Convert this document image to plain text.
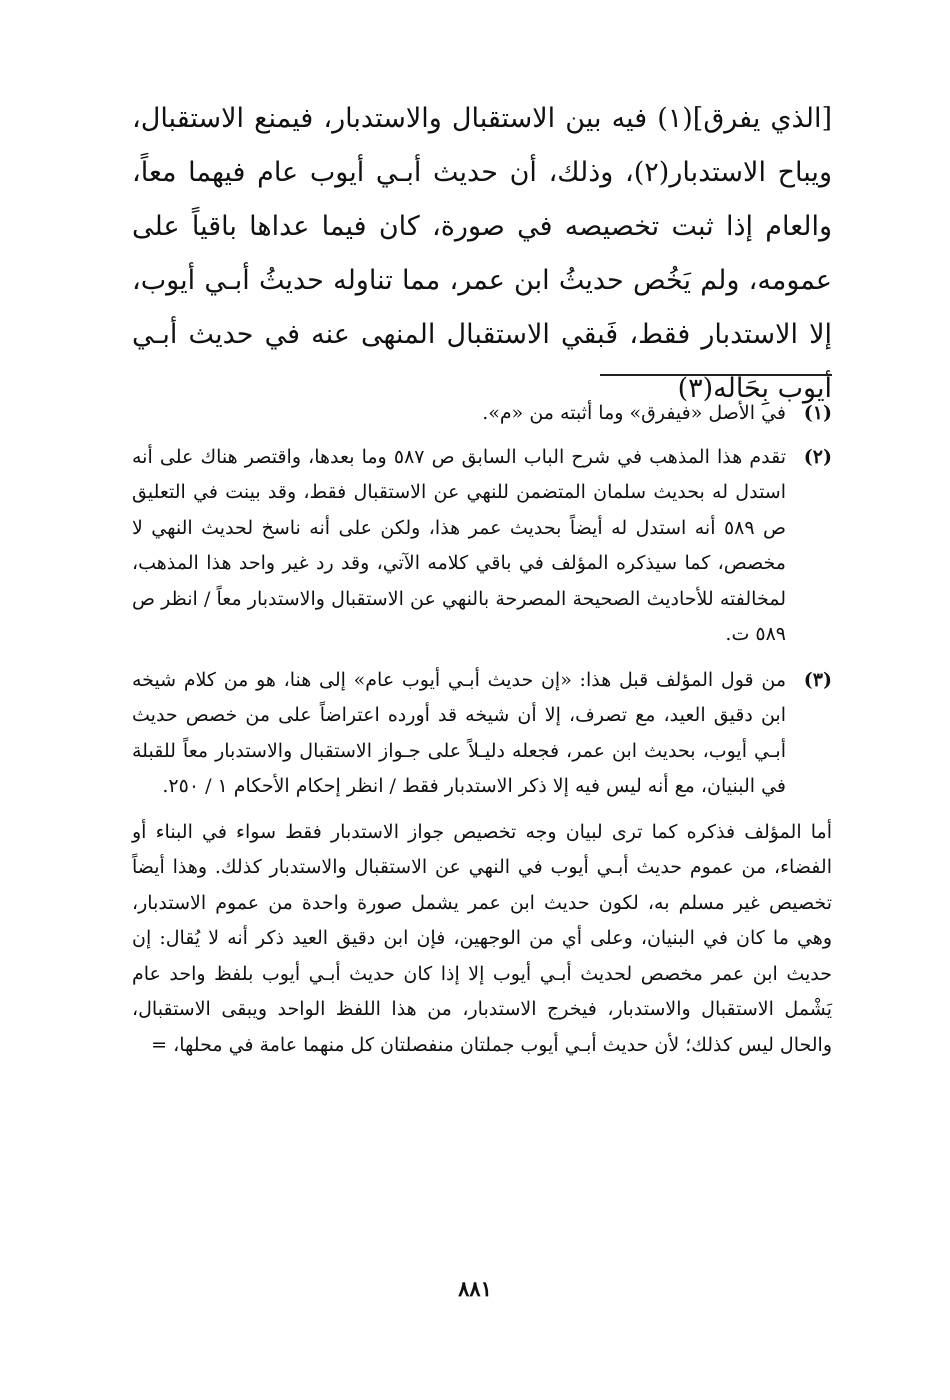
[الذي يفرق](١) فيه بين الاستقبال والاستدبار، فيمنع الاستقبال، ويباح الاستدبار(٢)، وذلك، أن حديث أبـي أيوب عام فيهما معاً، والعام إذا ثبت تخصيصه في صورة، كان فيما عداها باقياً على عمومه، ولم يَخُص حديثُ ابن عمر، مما تناوله حديثُ أبـي أيوب، إلا الاستدبار فقط، فَبقي الاستقبال المنهى عنه في حديث أبـي أيوب بِحَاله(٣)

(١)
في الأصل «فيفرق» وما أثبته من «م».
(٢)
تقدم هذا المذهب في شرح الباب السابق ص ٥٨٧ وما بعدها، واقتصر هناك على أنه استدل له بحديث سلمان المتضمن للنهي عن الاستقبال فقط، وقد بينت في التعليق ص ٥٨٩ أنه استدل له أيضاً بحديث عمر هذا، ولكن على أنه ناسخ لحديث النهي لا مخصص، كما سيذكره المؤلف في باقي كلامه الآتي، وقد رد غير واحد هذا المذهب، لمخالفته للأحاديث الصحيحة المصرحة بالنهي عن الاستقبال والاستدبار معاً / انظر ص ٥٨٩ ت.
(٣)
من قول المؤلف قبل هذا: «إن حديث أبـي أيوب عام» إلى هنا، هو من كلام شيخه ابن دقيق العيد، مع تصرف، إلا أن شيخه قد أورده اعتراضاً على من خصص حديث أبـي أيوب، بحديث ابن عمر، فجعله دليـلاً على جـواز الاستقبال والاستدبار معاً للقبلة في البنيان، مع أنه ليس فيه إلا ذكر الاستدبار فقط / انظر إحكام الأحكام ١ / ٢٥٠.
أما المؤلف فذكره كما ترى لبيان وجه تخصيص جواز الاستدبار فقط سواء في البناء أو الفضاء، من عموم حديث أبـي أيوب في النهي عن الاستقبال والاستدبار كذلك. وهذا أيضاً تخصيص غير مسلم به، لكون حديث ابن عمر يشمل صورة واحدة من عموم الاستدبار، وهي ما كان في البنيان، وعلى أي من الوجهين، فإن ابن دقيق العيد ذكر أنه لا يُقال: إن حديث ابن عمر مخصص لحديث أبـي أيوب إلا إذا كان حديث أبـي أيوب بلفظ واحد عام يَشْمل الاستقبال والاستدبار، فيخرج الاستدبار، من هذا اللفظ الواحد ويبقى الاستقبال، والحال ليس كذلك؛ لأن حديث أبـي أيوب جملتان منفصلتان كل منهما عامة في محلها، =
٨٨١
